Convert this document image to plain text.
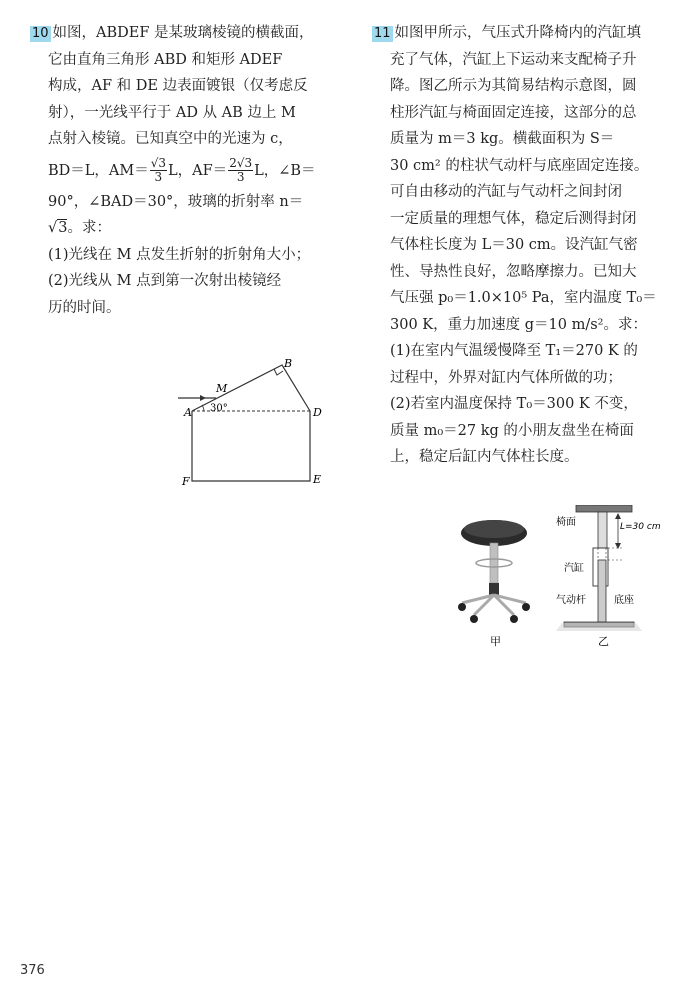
10 如图，ABDEF 是某玻璃棱镜的横截面，
它由直角三角形 ABD 和矩形 ADEF
构成，AF 和 DE 边表面镀银（仅考虑反
射），一光线平行于 AD 从 AB 边上 M
点射入棱镜。已知真空中的光速为 c，
BD＝L，$AM= \frac{√3}{3}$ L，$AF= \frac{2√3}{3}$ L，∠B＝
90°，∠BAD＝30°，玻璃的折射率 n＝
√3。求：
(1)光线在 M 点发生折射的折射角大小；
(2)光线从 M 点到第一次射出棱镜经
历的时间。
A
B
D
E
F
M
30°
11 如图甲所示，气压式升降椅内的汽缸填
充了气体，汽缸上下运动来支配椅子升
降。图乙所示为其简易结构示意图，圆
柱形汽缸与椅面固定连接，这部分的总
质量为 m＝3 kg。横截面积为 S＝
30 cm² 的柱状气动杆与底座固定连接。
可自由移动的汽缸与气动杆之间封闭
一定质量的理想气体，稳定后测得封闭
气体柱长度为 L＝30 cm。设汽缸气密
性、导热性良好，忽略摩擦力。已知大
气压强 p₀＝1.0×10⁵ Pa，室内温度 T₀＝
300 K，重力加速度 g＝10 m/s²。求：
(1)在室内气温缓慢降至 T₁＝270 K 的
过程中，外界对缸内气体所做的功；
(2)若室内温度保持 T₀＝300 K 不变，
质量 m₀＝27 kg 的小朋友盘坐在椅面
上，稳定后缸内气体柱长度。
甲
椅面	L=30 cm
汽缸
气动杆	底座
乙
376
